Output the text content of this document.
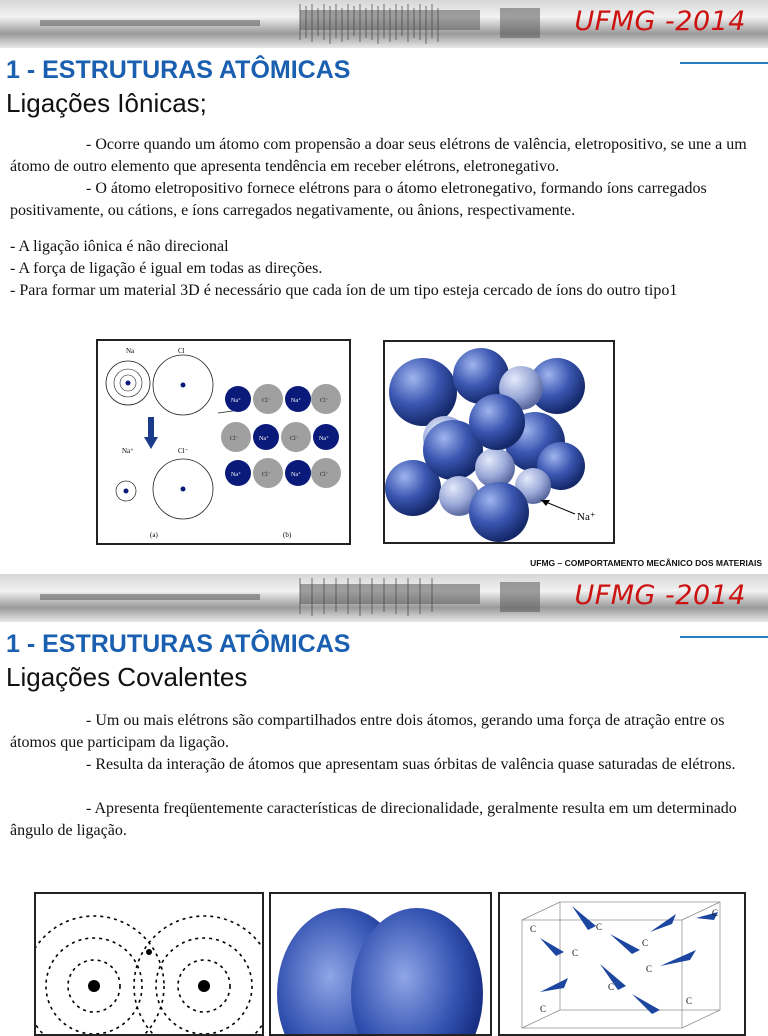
UFMG -2014
1 - ESTRUTURAS ATÔMICAS
Ligações Iônicas;

- Ocorre quando um átomo com propensão a doar seus elétrons de valência, eletropositivo, se une a um átomo de outro elemento que apresenta tendência em receber elétrons, eletronegativo.

- O átomo eletropositivo fornece elétrons para o átomo eletronegativo, formando íons carregados positivamente, ou cátions, e íons carregados negativamente, ou ânions, respectivamente.

- A ligação iônica é não direcional
- A força de ligação é igual em todas as direções.
- Para formar um material 3D é necessário que cada íon de um tipo esteja cercado de íons do outro tipo1
Na	Cl
Na⁺	Cl⁻
(a)	(b)
Na⁺	Na⁺
Na⁺	Na⁺
Na⁺	Na⁺
Cl⁻	Cl⁻
Cl⁻	Cl⁻
Cl⁻	Cl⁻
Na⁺
UFMG – COMPORTAMENTO MECÂNICO DOS MATERIAIS
UFMG -2014
1 - ESTRUTURAS ATÔMICAS
Ligações Covalentes

- Um ou mais elétrons são compartilhados entre dois átomos, gerando uma força de atração entre os átomos que participam da ligação.

- Resulta da interação de átomos que apresentam suas órbitas de valência quase saturadas de elétrons.

- Apresenta freqüentemente características de direcionalidade, geralmente resulta em um determinado ângulo de ligação.

C	C
C
C
C
C
C
C
C
